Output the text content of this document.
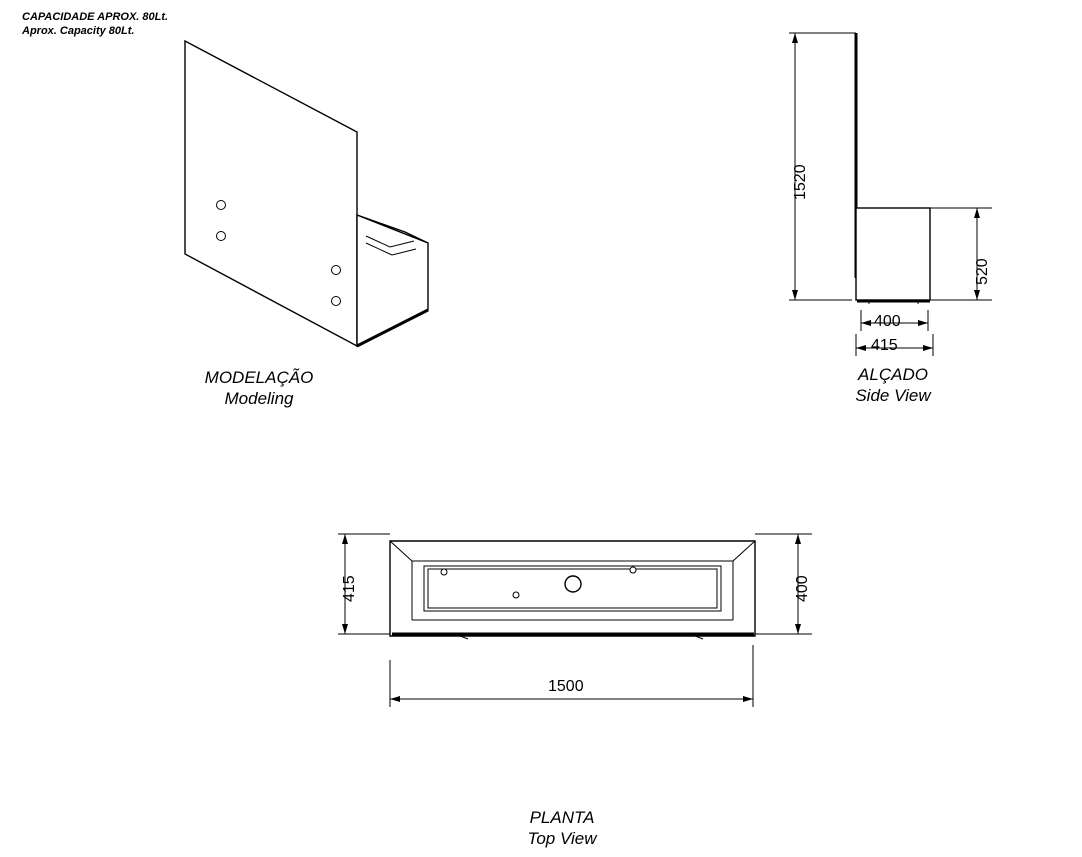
CAPACIDADE APROX. 80Lt.
Aprox. Capacity 80Lt.
1520
520
400
415
415	400
1500
MODELAÇÃO
Modeling
ALÇADO
Side View
PLANTA
Top View
